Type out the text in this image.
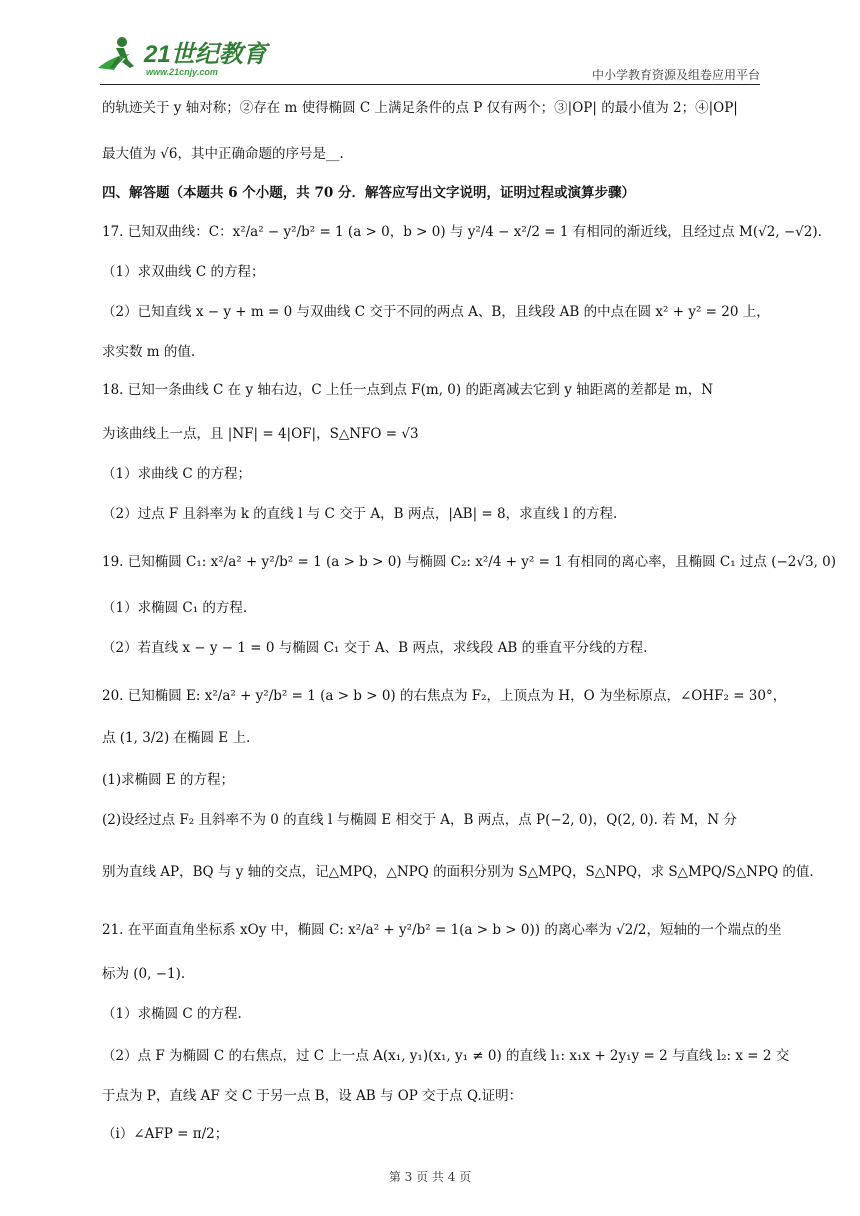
21世纪教育
www.21cnjy.com	中小学教育资源及组卷应用平台
的轨迹关于 y 轴对称；②存在 m 使得椭圆 C 上满足条件的点 P 仅有两个；③|OP| 的最小值为 2；④|OP|
最大值为 √6，其中正确命题的序号是__.
四、解答题（本题共 6 个小题，共 70 分．解答应写出文字说明，证明过程或演算步骤）
17. 已知双曲线：C：x²/a² − y²/b² = 1 (a > 0，b > 0) 与 y²/4 − x²/2 = 1 有相同的渐近线，且经过点 M(√2, −√2).
（1）求双曲线 C 的方程；
（2）已知直线 x − y + m = 0 与双曲线 C 交于不同的两点 A、B，且线段 AB 的中点在圆 x² + y² = 20 上，
求实数 m 的值.
18. 已知一条曲线 C 在 y 轴右边，C 上任一点到点 F(m, 0) 的距离减去它到 y 轴距离的差都是 m，N
为该曲线上一点，且 |NF| = 4|OF|，S△NFO = √3
（1）求曲线 C 的方程；
（2）过点 F 且斜率为 k 的直线 l 与 C 交于 A，B 两点，|AB| = 8，求直线 l 的方程.
19. 已知椭圆 C₁: x²/a² + y²/b² = 1 (a > b > 0) 与椭圆 C₂: x²/4 + y² = 1 有相同的离心率，且椭圆 C₁ 过点 (−2√3, 0)
（1）求椭圆 C₁ 的方程.
（2）若直线 x − y − 1 = 0 与椭圆 C₁ 交于 A、B 两点，求线段 AB 的垂直平分线的方程.
20. 已知椭圆 E: x²/a² + y²/b² = 1 (a > b > 0) 的右焦点为 F₂，上顶点为 H，O 为坐标原点，∠OHF₂ = 30°，
点 (1, 3/2) 在椭圆 E 上.
(1)求椭圆 E 的方程；
(2)设经过点 F₂ 且斜率不为 0 的直线 l 与椭圆 E 相交于 A，B 两点，点 P(−2, 0)，Q(2, 0). 若 M，N 分
别为直线 AP，BQ 与 y 轴的交点，记△MPQ，△NPQ 的面积分别为 S△MPQ，S△NPQ，求 S△MPQ/S△NPQ 的值.
21. 在平面直角坐标系 xOy 中，椭圆 C: x²/a² + y²/b² = 1(a > b > 0)) 的离心率为 √2/2，短轴的一个端点的坐
标为 (0, −1).
（1）求椭圆 C 的方程.
（2）点 F 为椭圆 C 的右焦点，过 C 上一点 A(x₁, y₁)(x₁, y₁ ≠ 0) 的直线 l₁: x₁x + 2y₁y = 2 与直线 l₂: x = 2 交
于点为 P，直线 AF 交 C 于另一点 B，设 AB 与 OP 交于点 Q.证明：
（i）∠AFP = π/2；
第 3 页 共 4 页
